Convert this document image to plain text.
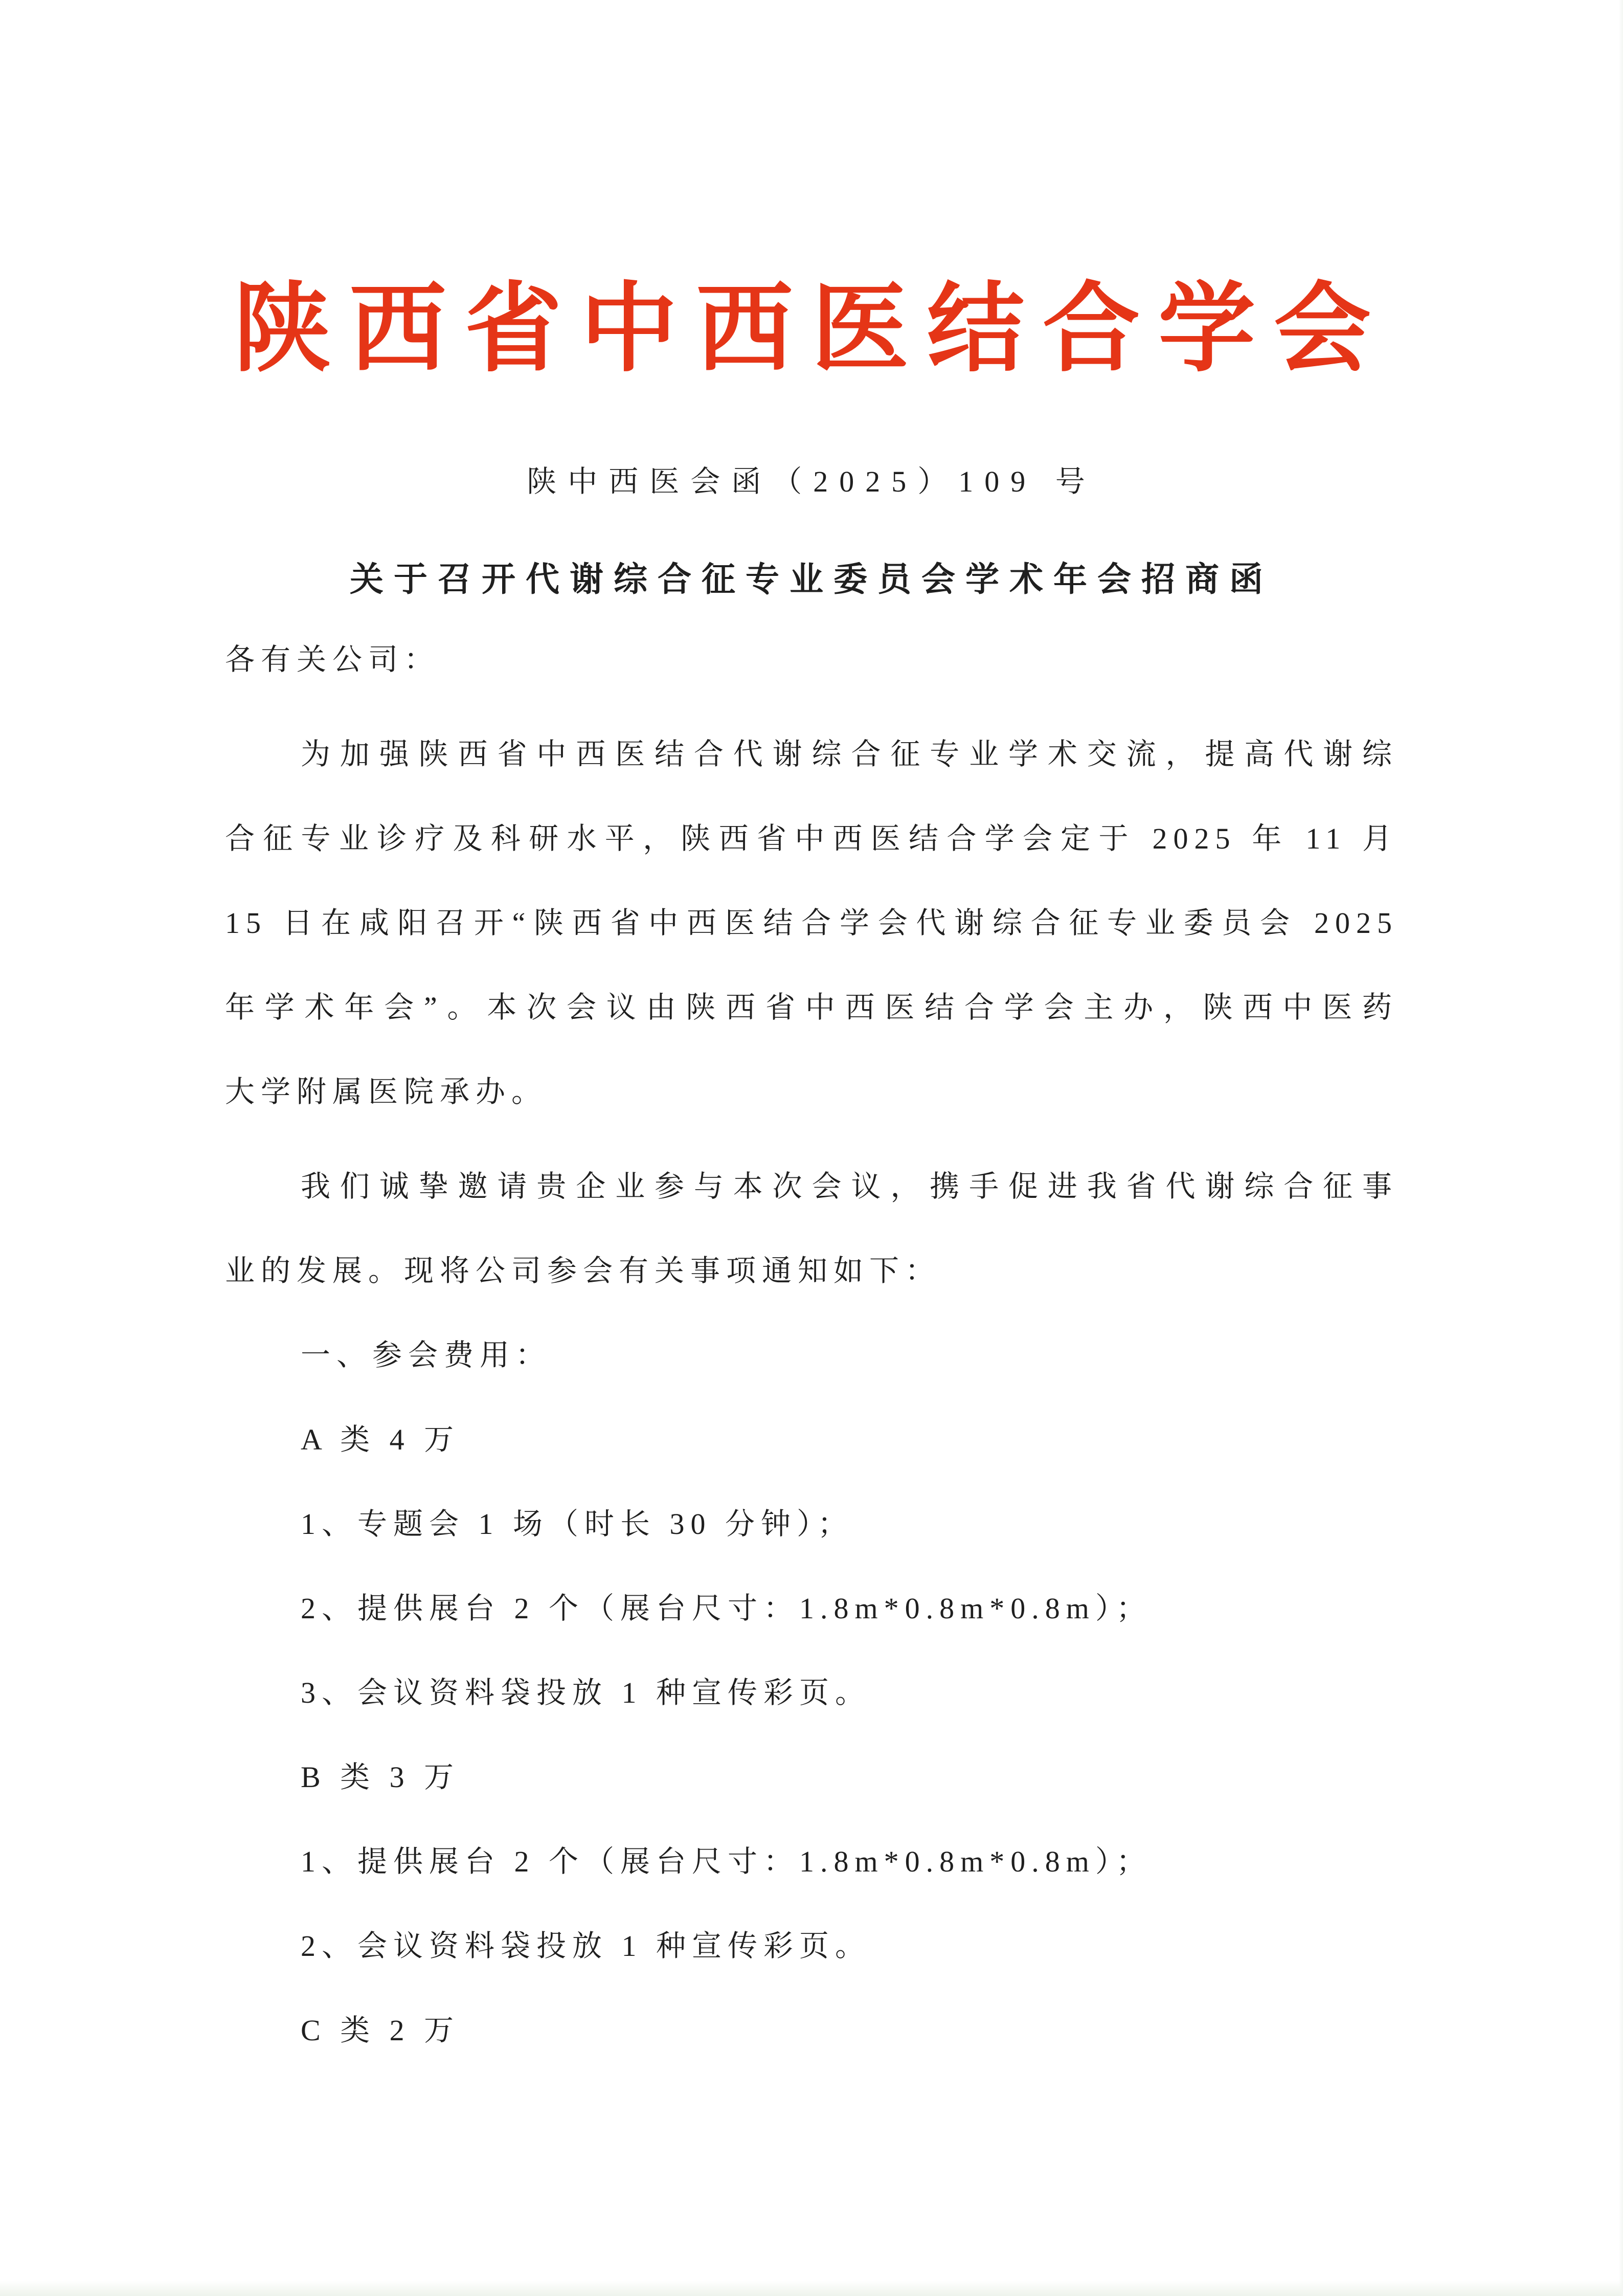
陕西省中西医结合学会
陕中西医会函（2025）109 号
关于召开代谢综合征专业委员会学术年会招商函
各有关公司：
为加强陕西省中西医结合代谢综合征专业学术交流，提高代谢综
合征专业诊疗及科研水平，陕西省中西医结合学会定于 2025 年 11 月
15 日在咸阳召开“陕西省中西医结合学会代谢综合征专业委员会 2025
年学术年会”。本次会议由陕西省中西医结合学会主办，陕西中医药
大学附属医院承办。
我们诚挚邀请贵企业参与本次会议，携手促进我省代谢综合征事
业的发展。现将公司参会有关事项通知如下：
一、参会费用：
A 类 4 万
1、专题会 1 场（时长 30 分钟）；
2、提供展台 2 个（展台尺寸：1.8m*0.8m*0.8m）；
3、会议资料袋投放 1 种宣传彩页。
B 类 3 万
1、提供展台 2 个（展台尺寸：1.8m*0.8m*0.8m）；
2、会议资料袋投放 1 种宣传彩页。
C 类 2 万
